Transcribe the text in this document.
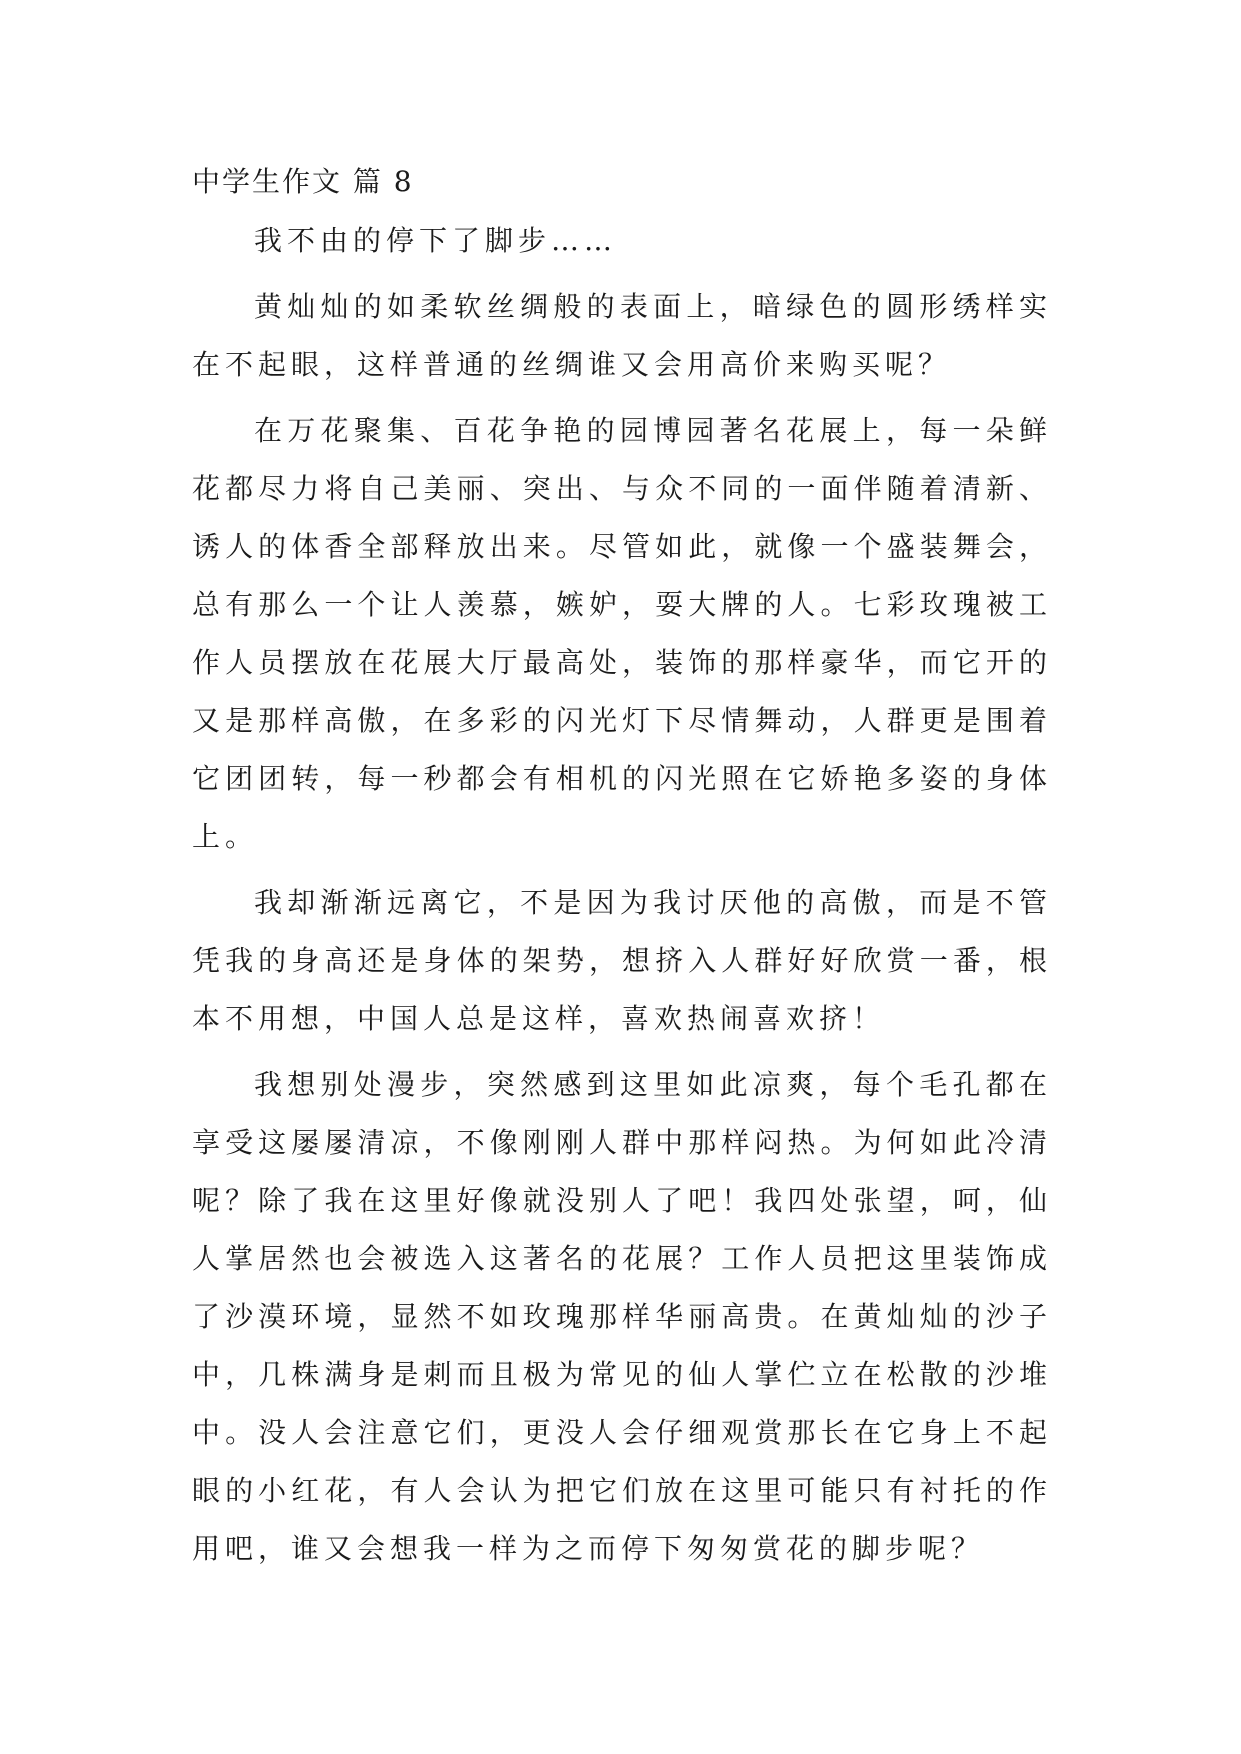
中学生作文 篇 8

我不由的停下了脚步……

黄灿灿的如柔软丝绸般的表面上，暗绿色的圆形绣样实在不起眼，这样普通的丝绸谁又会用高价来购买呢？

在万花聚集、百花争艳的园博园著名花展上，每一朵鲜花都尽力将自己美丽、突出、与众不同的一面伴随着清新、诱人的体香全部释放出来。尽管如此，就像一个盛装舞会，总有那么一个让人羡慕，嫉妒，耍大牌的人。七彩玫瑰被工作人员摆放在花展大厅最高处，装饰的那样豪华，而它开的又是那样高傲，在多彩的闪光灯下尽情舞动，人群更是围着它团团转，每一秒都会有相机的闪光照在它娇艳多姿的身体上。

我却渐渐远离它，不是因为我讨厌他的高傲，而是不管凭我的身高还是身体的架势，想挤入人群好好欣赏一番，根本不用想，中国人总是这样，喜欢热闹喜欢挤！

我想别处漫步，突然感到这里如此凉爽，每个毛孔都在享受这屡屡清凉，不像刚刚人群中那样闷热。为何如此冷清呢？除了我在这里好像就没别人了吧！我四处张望，呵，仙人掌居然也会被选入这著名的花展？工作人员把这里装饰成了沙漠环境，显然不如玫瑰那样华丽高贵。在黄灿灿的沙子中，几株满身是刺而且极为常见的仙人掌伫立在松散的沙堆中。没人会注意它们，更没人会仔细观赏那长在它身上不起眼的小红花，有人会认为把它们放在这里可能只有衬托的作用吧，谁又会想我一样为之而停下匆匆赏花的脚步呢？
